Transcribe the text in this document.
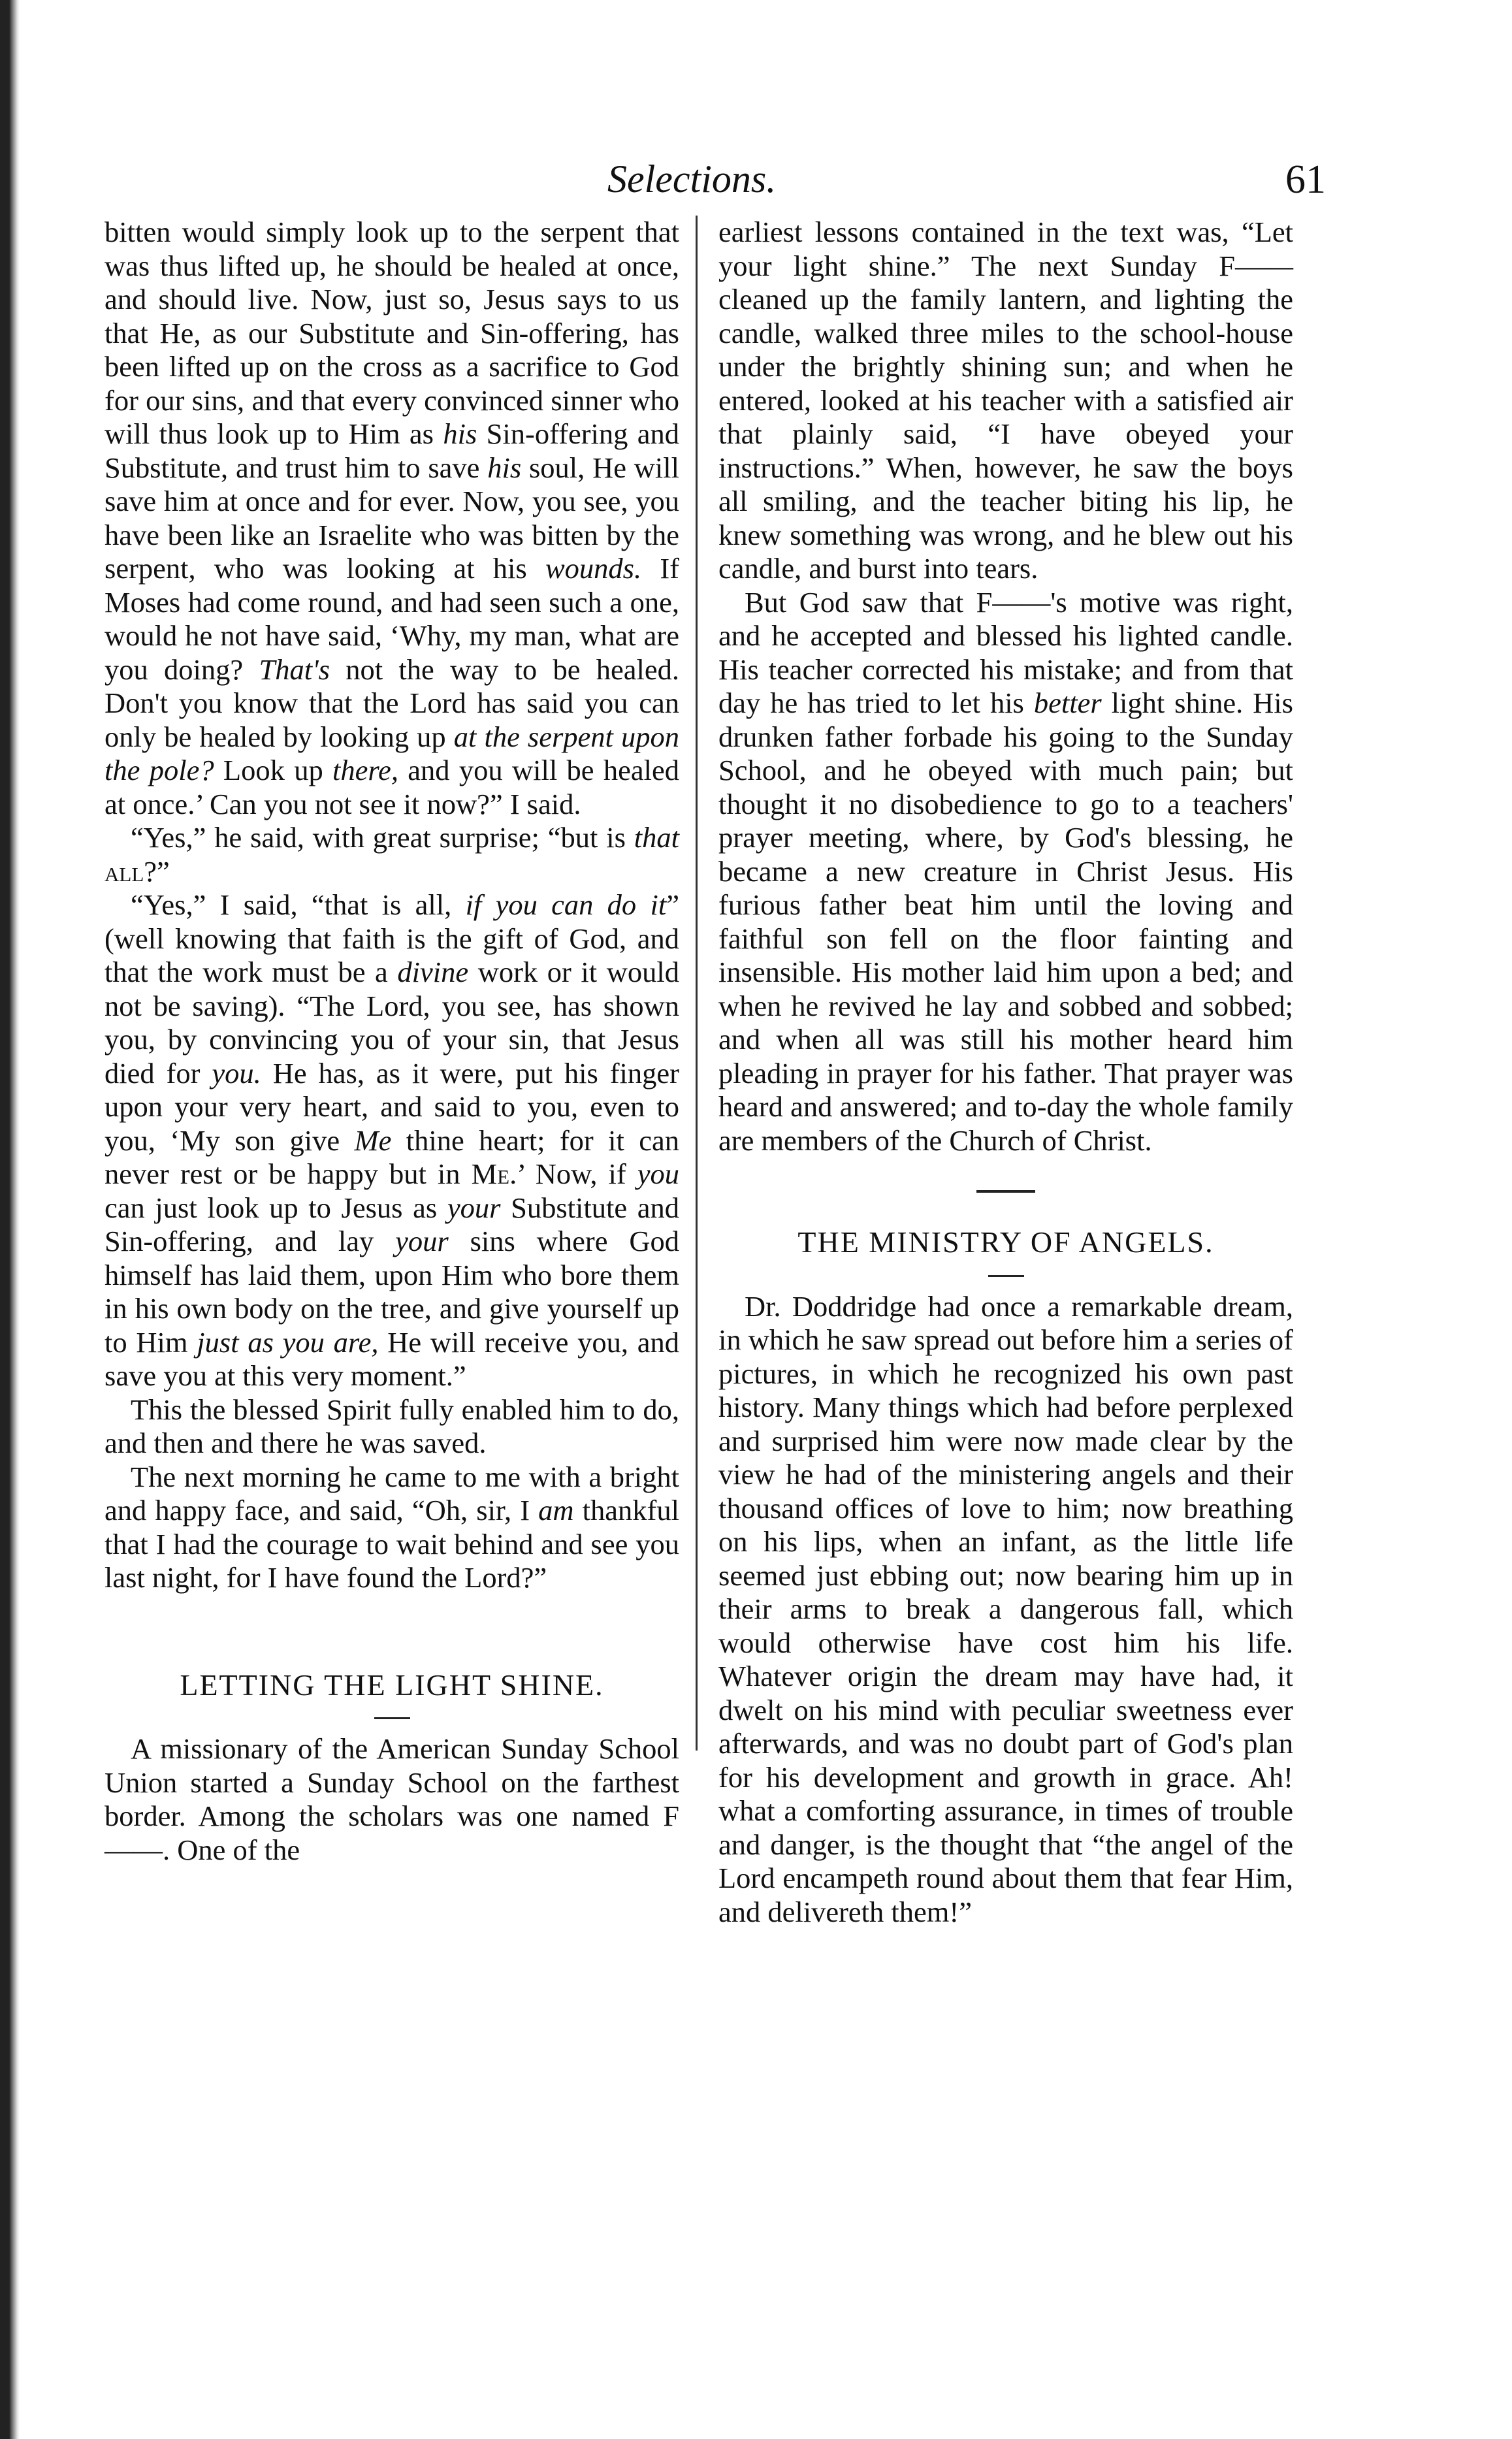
Selections.	61

bitten would simply look up to the serpent that was thus lifted up, he should be healed at once, and should live. Now, just so, Jesus says to us that He, as our Substitute and Sin-offering, has been lifted up on the cross as a sacrifice to God for our sins, and that every convinced sinner who will thus look up to Him as his Sin-offering and Substitute, and trust him to save his soul, He will save him at once and for ever. Now, you see, you have been like an Israelite who was bitten by the serpent, who was looking at his wounds. If Moses had come round, and had seen such a one, would he not have said, ‘Why, my man, what are you doing? That's not the way to be healed. Don't you know that the Lord has said you can only be healed by looking up at the serpent upon the pole? Look up there, and you will be healed at once.’ Can you not see it now?” I said.

“Yes,” he said, with great surprise; “but is that all?”

“Yes,” I said, “that is all, if you can do it” (well knowing that faith is the gift of God, and that the work must be a divine work or it would not be saving). “The Lord, you see, has shown you, by convincing you of your sin, that Jesus died for you. He has, as it were, put his finger upon your very heart, and said to you, even to you, ‘My son give Me thine heart; for it can never rest or be happy but in Me.’ Now, if you can just look up to Jesus as your Substitute and Sin-offering, and lay your sins where God himself has laid them, upon Him who bore them in his own body on the tree, and give yourself up to Him just as you are, He will receive you, and save you at this very moment.”

This the blessed Spirit fully enabled him to do, and then and there he was saved.

The next morning he came to me with a bright and happy face, and said, “Oh, sir, I am thankful that I had the courage to wait behind and see you last night, for I have found the Lord?”

LETTING THE LIGHT SHINE.

A missionary of the American Sunday School Union started a Sunday School on the farthest border. Among the scholars was one named F——. One of the

earliest lessons contained in the text was, “Let your light shine.” The next Sunday F—— cleaned up the family lantern, and lighting the candle, walked three miles to the school-house under the brightly shining sun; and when he entered, looked at his teacher with a satisfied air that plainly said, “I have obeyed your instructions.” When, however, he saw the boys all smiling, and the teacher biting his lip, he knew something was wrong, and he blew out his candle, and burst into tears.

But God saw that F——'s motive was right, and he accepted and blessed his lighted candle. His teacher corrected his mistake; and from that day he has tried to let his better light shine. His drunken father forbade his going to the Sunday School, and he obeyed with much pain; but thought it no disobedience to go to a teachers' prayer meeting, where, by God's blessing, he became a new creature in Christ Jesus. His furious father beat him until the loving and faithful son fell on the floor fainting and insensible. His mother laid him upon a bed; and when he revived he lay and sobbed and sobbed; and when all was still his mother heard him pleading in prayer for his father. That prayer was heard and answered; and to-day the whole family are members of the Church of Christ.

THE MINISTRY OF ANGELS.

Dr. Doddridge had once a remarkable dream, in which he saw spread out before him a series of pictures, in which he recognized his own past history. Many things which had before perplexed and surprised him were now made clear by the view he had of the ministering angels and their thousand offices of love to him; now breathing on his lips, when an infant, as the little life seemed just ebbing out; now bearing him up in their arms to break a dangerous fall, which would otherwise have cost him his life. Whatever origin the dream may have had, it dwelt on his mind with peculiar sweetness ever afterwards, and was no doubt part of God's plan for his development and growth in grace. Ah! what a comforting assurance, in times of trouble and danger, is the thought that “the angel of the Lord encampeth round about them that fear Him, and delivereth them!”
